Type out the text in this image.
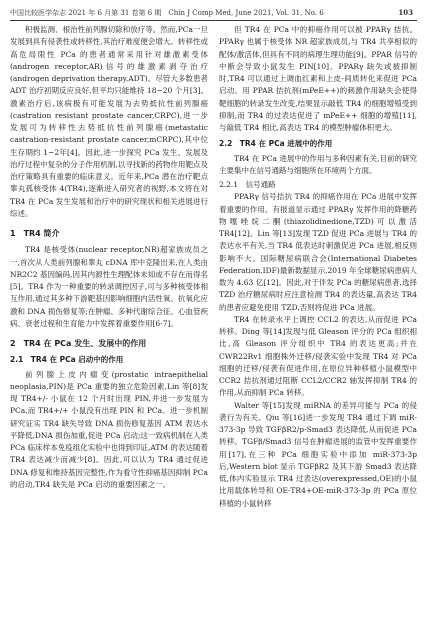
中国比较医学杂志 2021 年 6 月第 31 卷第 6 期　Chin J Comp Med, June 2021, Vol. 31, No. 6	103

积极监测、根治性前列腺切除和放疗等。然而,PCa一旦发展到具有侵袭性或转移性,其治疗难度便会增大。转移性或高危局限性 PCa 的患者通常采用针对雄激素受体(androgen receptor,AR)信号的雄激素剥夺治疗(androgen deprivation therapy,ADT)。尽管大多数患者 ADT 治疗初期反应良好,但平均只能维持 18~20 个月[3]。激素治疗后,该病极有可能发展为去势抵抗性前列腺癌(castration resistant prostate cancer,CRPC),进一步发展可为转移性去势抵抗性前列腺癌(metastatic castration-resistant prostate cancer,mCRPC),其中位生存期约 1~2年[4]。因此,进一步探究 PCa 发生、发展及治疗过程中复杂的分子作用机制,以寻找新的药物作用靶点及治疗策略具有重要的临床意义。近年来,PCa 潜在治疗靶点睾丸孤核受体 4(TR4),逐渐进入研究者的视野,本文将在对 TR4 在 PCa 发生发展和治疗中的研究现状和相关进展进行综述。

1　TR4 简介

TR4 是核受体(nuclear receptor,NR)超家族成员之一,首次从人类前列腺和睾丸 cDNA 库中克隆出来,在人类由 NR2C2 基因编码,因其内源性生理配体未知或不存在而得名[5]。TR4 作为一种重要的转录调控因子,可与多种核受体相互作用,通过其多种下游靶基因影响细胞内活性氧、抗氧化应激和 DNA 损伤修复等;在肿瘤、多种代谢综合征、心血管疾病、衰老过程和生育能力中发挥着重要作用[6-7]。

2　TR4 在 PCa 发生、发展中的作用
2.1　TR4 在 PCa 启动中的作用

前列腺上皮内瘤变(prostatic intraepithelial neoplasia,PIN)是 PCa 重要的独立危险因素,Lin 等[8]发现 TR4+/- 小鼠在 12 个月时出现 PIN,并进一步发展为 PCa,而 TR4+/+ 小鼠没有出现 PIN 和 PCa。进一步机制研究证实 TR4 缺失导致 DNA 损伤修复基因 ATM 表达水平降低,DNA 损伤加重,促进 PCa 启动;这一致病机制在人类 PCa 临床样本免疫组化实验中也得到印证,ATM 的表达随着 TR4 表达减少而减少[8]。因此,可以认为 TR4 通过促进 DNA 修复和维持基因完整性,作为看守性抑癌基因抑制 PCa 的启动,TR4 缺失是 PCa 启动的重要因素之一。

但 TR4 在 PCa 中的抑癌作用可以被 PPARγ 拮抗。PPARγ 也属于核受体 NR 超家族成员,与 TR4 共享相似的配体/激活体,但具有不同的病理生理功能[9]。PPAR 信号的中断会导致小鼠发生 PIN[10]。PPARγ 缺失或被抑制时,TR4 可以通过上调血红素和上皮-间质转化来促进 PCa 启动。用 PPAR 拮抗剂(mPeE++)的刺激作用缺失会使得靶细胞的转录发生改变,结果显示敲低 TR4 的细胞增殖受到抑制,而 TR4 的过表达促进了 mPeE++ 细胞的增殖[11],与敲低 TR4 相比,高表达 TR4 的模型肿瘤体积更大。

2.2　TR4 在 PCa 进展中的作用

TR4 在 PCa 进展中的作用与多种因素有关,目前的研究主要集中在信号通路与细胞所在环境两个方面。

2.2.1　信号通路

PPARγ 信号拮抗 TR4 的抑癌作用在 PCa 进展中发挥着重要的作用。有报道显示通过 PPARγ 发挥作用的降糖药物噻唑烷二酮(thiazolidinedione,TZD)可以激活 TR4[12]。Lin 等[13]发现 TZD 促进 PCa 进展与 TR4 的表达水平有关,当 TR4 低表达时刺激促进 PCa 进展,相反则影响不大。国际糖尿病联合会(International Diabetes Federation,IDF)最新数据显示,2019 年全球糖尿病患病人数为 4.63 亿[12]。因此,对于伴发 PCa 的糖尿病患者,选择 TZD 治疗糖尿病时应注意检测 TR4 的表达量,高表达 TR4 的患者应避免使用 TZD,否则将促进 PCa 进展。

TR4 在转录水平上调控 CCL2 的表达,从而促进 PCa 转移。Ding 等[14]发现与低 Gleason 评分的 PCa 组织相比,高 Gleason 评分组织中 TR4 的表达更高;并在 CWR22Rv1 细胞株外迁移/侵袭实验中发现 TR4 对 PCa 细胞的迁移/侵袭有促进作用,在原位异种移植小鼠模型中 CCR2 拮抗剂通过阻断 CCL2/CCR2 轴发挥抑制 TR4 的作用,从而抑制 PCa 转移。

Walter 等[15]发现 miRNA 的差异可能与 PCa 的侵袭行为有关。Qiu 等[16]进一步发现 TR4 通过下调 miR-373-3p 导致 TGFβR2/p-Smad3 表达降低,从而促进 PCa 转移。TGFβ/Smad3 信号在肿瘤进展的监管中发挥重要作用[17],在三种 PCa 细胞实验中添加 miR-373-3p 后,Western blot 显示 TGFβR2 及其下游 Smad3 表达降低,体内实验显示 TR4 过表达(overexpressed,OE)的小鼠比用载体转导和 OE-TR4+OE-miR-373-3p 的 PCa 原位移植的小鼠转移
